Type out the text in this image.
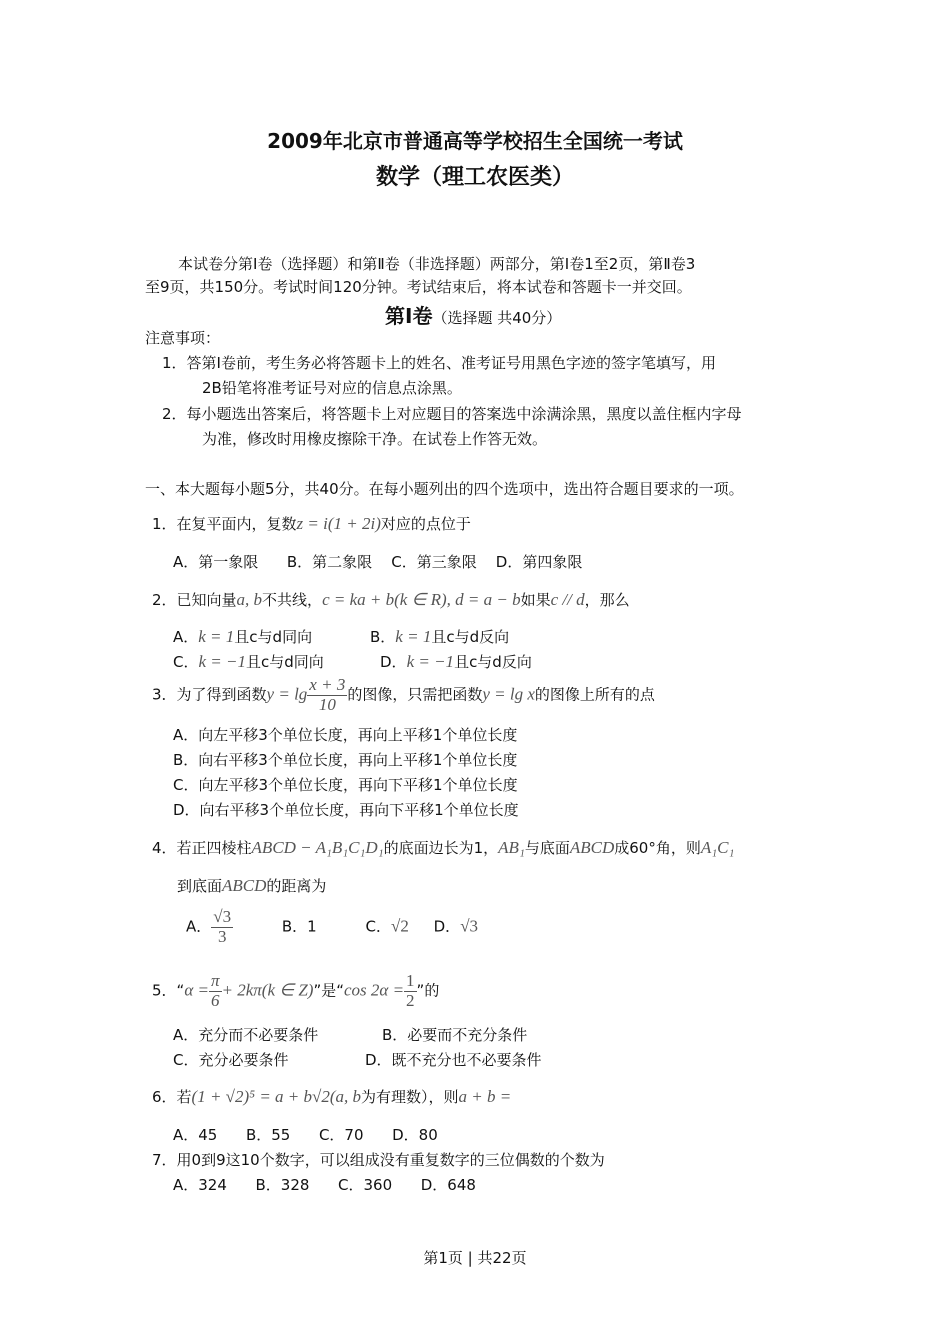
2009年北京市普通高等学校招生全国统一考试
数学（理工农医类）
本试卷分第Ⅰ卷（选择题）和第Ⅱ卷（非选择题）两部分，第Ⅰ卷1至2页，第Ⅱ卷3
至9页，共150分。考试时间120分钟。考试结束后，将本试卷和答题卡一并交回。
第Ⅰ卷（选择题 共40分）
注意事项：
1．答第Ⅰ卷前，考生务必将答题卡上的姓名、准考证号用黑色字迹的签字笔填写，用
2B铅笔将准考证号对应的信息点涂黑。
2．每小题选出答案后，将答题卡上对应题目的答案选中涂满涂黑，黑度以盖住框内字母
为准，修改时用橡皮擦除干净。在试卷上作答无效。
一、本大题每小题5分，共40分。在每小题列出的四个选项中，选出符合题目要求的一项。
1．在复平面内，复数z = i(1 + 2i)对应的点位于
A．第一象限      B．第二象限    C．第三象限    D．第四象限
2．已知向量a, b不共线，c = ka + b(k ∈ R), d = a − b如果c // d，那么
A．k = 1且c与d同向	B．k = 1且c与d反向
C．k = −1且c与d同向	D．k = −1且c与d反向
3．为了得到函数$y = \lg \frac{x + 3}{10}$ 的图像，只需把函数y = lg x的图像上所有的点
A．向左平移3个单位长度，再向上平移1个单位长度
B．向右平移3个单位长度，再向上平移1个单位长度
C．向左平移3个单位长度，再向下平移1个单位长度
D．向右平移3个单位长度，再向下平移1个单位长度
4．若正四棱柱ABCD − A₁B₁C₁D₁的底面边长为1，AB₁与底面ABCD成60°角，则A₁C₁
到底面ABCD的距离为
A． $\frac{√3}{3}$	B．1	C．√2 D．√3
5．“$\alpha = \frac{\pi}{6} + 2k\pi(k$ ∈ Z)”是“cos $2\alpha = \frac{1}{2}$ ”的
A．充分而不必要条件	B．必要而不充分条件
C．充分必要条件	D．既不充分也不必要条件
6．若(1 + √2)⁵ = a + b√2(a, b为有理数），则a + b =
A．45      B．55      C．70      D．80
7．用0到9这10个数字，可以组成没有重复数字的三位偶数的个数为
A．324      B．328      C．360      D．648
第1页 | 共22页
